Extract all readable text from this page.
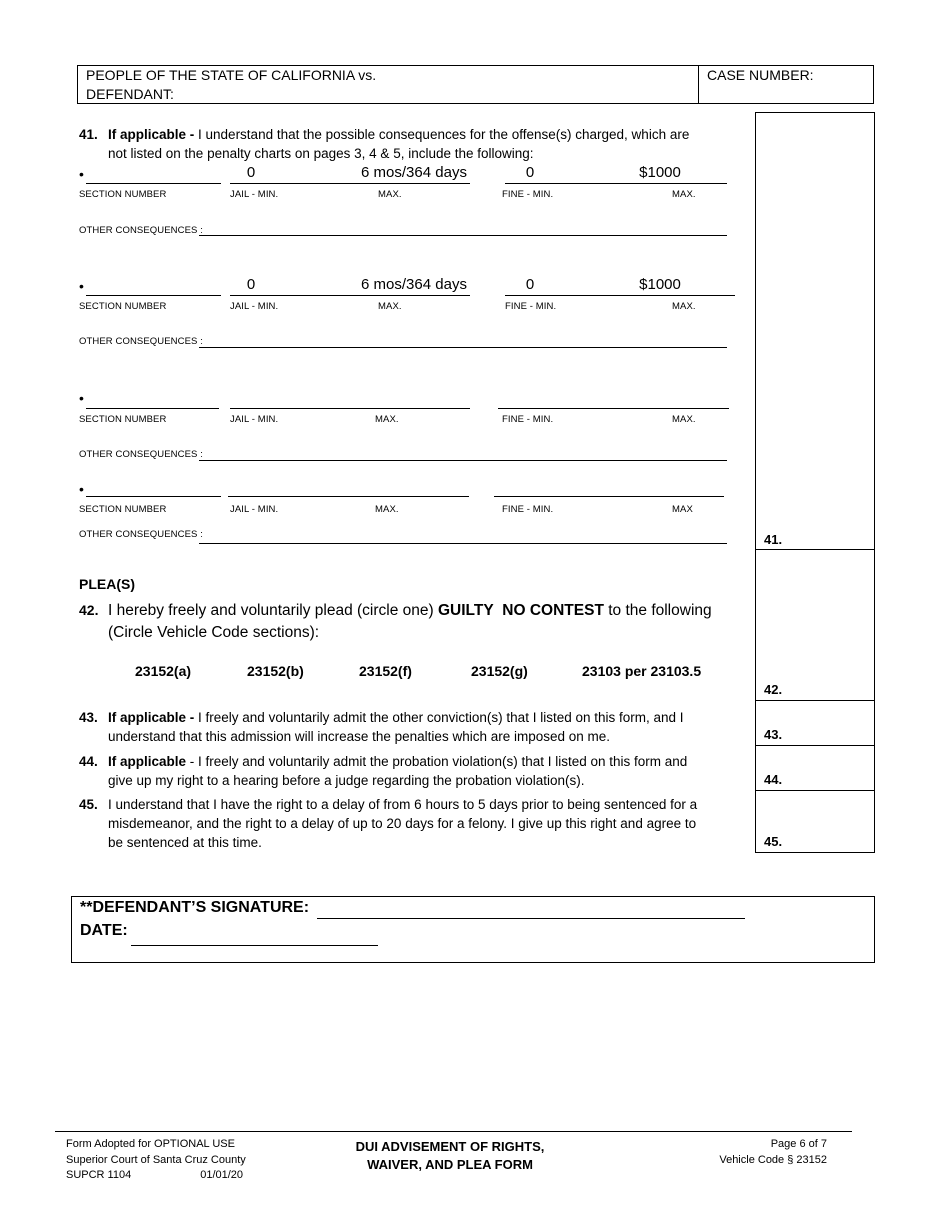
PEOPLE OF THE STATE OF CALIFORNIA vs.
DEFENDANT:
CASE NUMBER:
41.
42.
43.
44.
45.
41. If applicable - I understand that the possible consequences for the offense(s) charged, which are
not listed on the penalty charts on pages 3, 4 & 5, include the following:
•	0	6 mos/364 days	0	$1000
SECTION NUMBER	JAIL - MIN.	MAX.	FINE - MIN.	MAX.
OTHER CONSEQUENCES :
•	0	6 mos/364 days	0	$1000
SECTION NUMBER	JAIL - MIN.	MAX.	FINE - MIN.	MAX.
OTHER CONSEQUENCES :
•
SECTION NUMBER	JAIL - MIN.	MAX.	FINE - MIN.	MAX.
OTHER CONSEQUENCES :
•
SECTION NUMBER	JAIL - MIN.	MAX.	FINE - MIN.	MAX
OTHER CONSEQUENCES :
PLEA(S)
42. I hereby freely and voluntarily plead (circle one) GUILTY NO CONTEST to the following
(Circle Vehicle Code sections):
23152(a)	23152(b)	23152(f)	23152(g)	23103 per 23103.5
43. If applicable - I freely and voluntarily admit the other conviction(s) that I listed on this form, and I
understand that this admission will increase the penalties which are imposed on me.
44. If applicable - I freely and voluntarily admit the probation violation(s) that I listed on this form and
give up my right to a hearing before a judge regarding the probation violation(s).
45. I understand that I have the right to a delay of from 6 hours to 5 days prior to being sentenced for a
misdemeanor, and the right to a delay of up to 20 days for a felony. I give up this right and agree to
be sentenced at this time.
**DEFENDANT’S SIGNATURE:
DATE:
Form Adopted for OPTIONAL USE
Superior Court of Santa Cruz County
SUPCR 1104	01/01/20
DUI ADVISEMENT OF RIGHTS,
WAIVER, AND PLEA FORM
Page 6 of 7
Vehicle Code § 23152
